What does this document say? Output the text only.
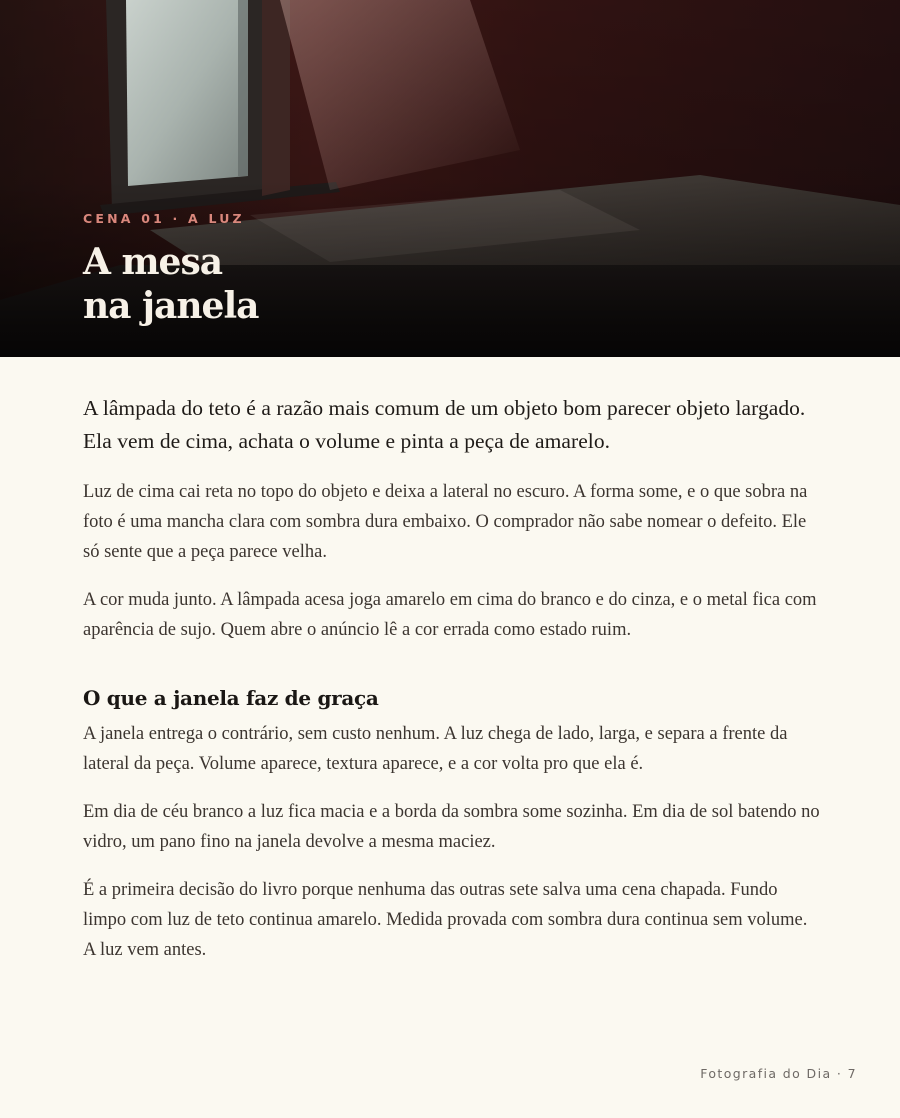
CENA 01 · A LUZ
A mesa
na janela

A lâmpada do teto é a razão mais comum de um objeto bom parecer objeto largado. Ela vem de cima, achata o volume e pinta a peça de amarelo.

Luz de cima cai reta no topo do objeto e deixa a lateral no escuro. A forma some, e o que sobra na foto é uma mancha clara com sombra dura embaixo. O comprador não sabe nomear o defeito. Ele só sente que a peça parece velha.

A cor muda junto. A lâmpada acesa joga amarelo em cima do branco e do cinza, e o metal fica com aparência de sujo. Quem abre o anúncio lê a cor errada como estado ruim.

O que a janela faz de graça

A janela entrega o contrário, sem custo nenhum. A luz chega de lado, larga, e separa a frente da lateral da peça. Volume aparece, textura aparece, e a cor volta pro que ela é.

Em dia de céu branco a luz fica macia e a borda da sombra some sozinha. Em dia de sol batendo no vidro, um pano fino na janela devolve a mesma maciez.

É a primeira decisão do livro porque nenhuma das outras sete salva uma cena chapada. Fundo limpo com luz de teto continua amarelo. Medida provada com sombra dura continua sem volume. A luz vem antes.

Fotografia do Dia · 7
